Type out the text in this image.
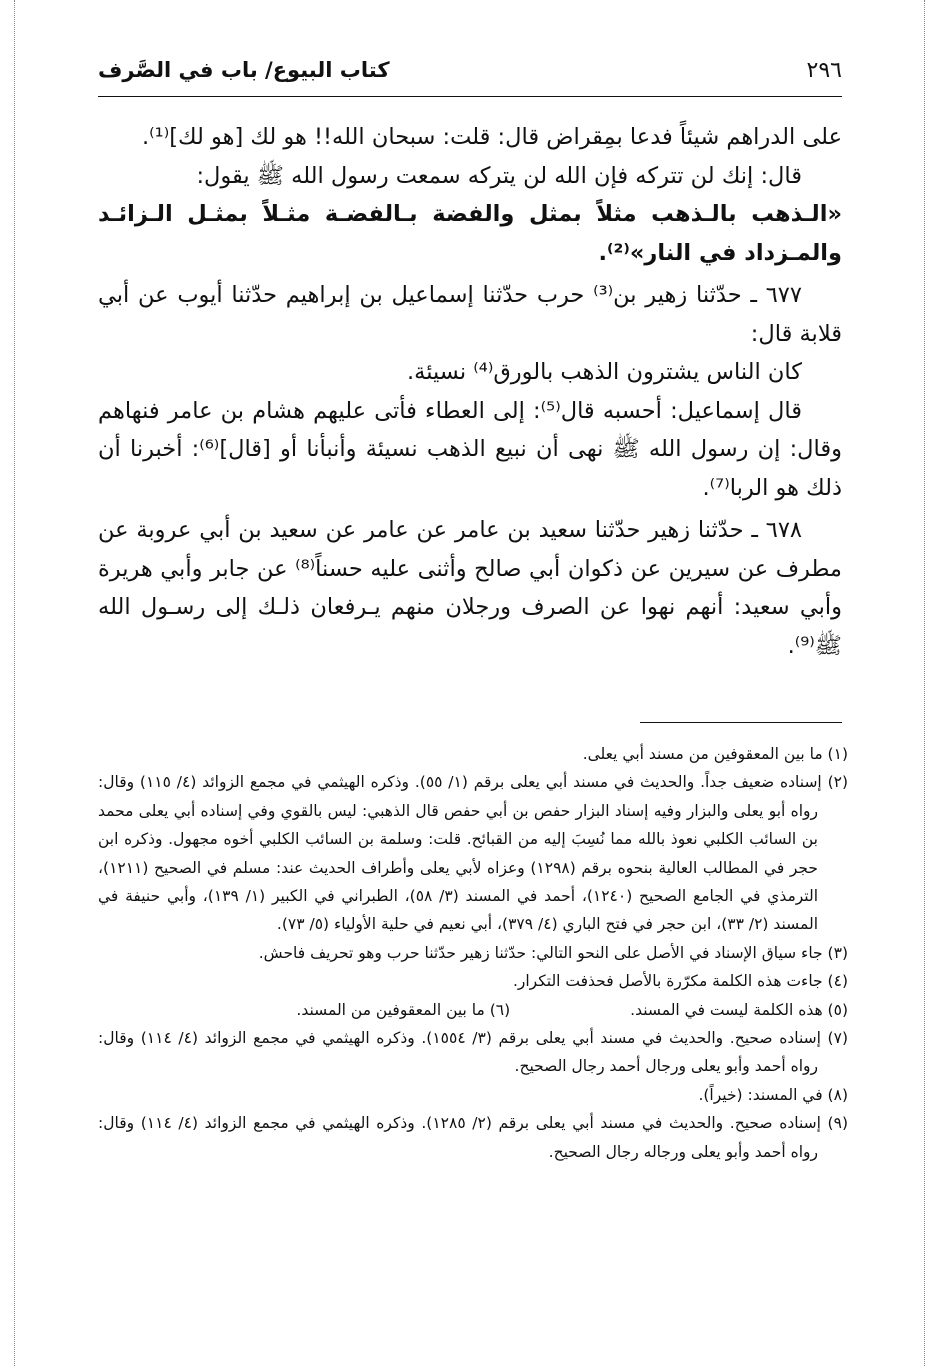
٢٩٦
كتاب البيوع/ باب في الصَّرف

على الدراهم شيئاً فدعا بمِقراض قال: قلت: سبحان الله!! هو لك [هو لك]⁽¹⁾.

قال: إنك لن تتركه فإن الله لن يتركه سمعت رسول الله ﷺ يقول:

«الـذهب بالـذهب مثلاً بمثل والفضة بـالفضـة مثـلاً بمثـل الـزائـد والمـزداد في النار»⁽²⁾.

٦٧٧ ـ حدّثنا زهير بن⁽³⁾ حرب حدّثنا إسماعيل بن إبراهيم حدّثنا أيوب عن أبي قلابة قال:

كان الناس يشترون الذهب بالورق⁽⁴⁾ نسيئة.

قال إسماعيل: أحسبه قال⁽⁵⁾: إلى العطاء فأتى عليهم هشام بن عامر فنهاهم وقال: إن رسول الله ﷺ نهى أن نبيع الذهب نسيئة وأنبأنا أو [قال]⁽⁶⁾: أخبرنا أن ذلك هو الربا⁽⁷⁾.

٦٧٨ ـ حدّثنا زهير حدّثنا سعيد بن عامر عن عامر عن سعيد بن أبي عروبة عن مطرف عن سيرين عن ذكوان أبي صالح وأثنى عليه حسناً⁽⁸⁾ عن جابر وأبي هريرة وأبي سعيد: أنهم نهوا عن الصرف ورجلان منهم يـرفعان ذلـك إلى رسـول الله ﷺ⁽⁹⁾.

(١) ما بين المعقوفين من مسند أبي يعلى.

(٢) إسناده ضعيف جداً. والحديث في مسند أبي يعلى برقم (١/ ٥٥). وذكره الهيثمي في مجمع الزوائد (٤/ ١١٥) وقال: رواه أبو يعلى والبزار وفيه إسناد البزار حفص بن أبي حفص قال الذهبي: ليس بالقوي وفي إسناده أبي يعلى محمد بن السائب الكلبي نعوذ بالله مما نُسِبَ إليه من القبائح. قلت: وسلمة بن السائب الكلبي أخوه مجهول. وذكره ابن حجر في المطالب العالية بنحوه برقم (١٢٩٨) وعزاه لأبي يعلى وأطراف الحديث عند: مسلم في الصحيح (١٢١١)، الترمذي في الجامع الصحيح (١٢٤٠)، أحمد في المسند (٣/ ٥٨)، الطبراني في الكبير (١/ ١٣٩)، وأبي حنيفة في المسند (٢/ ٣٣)، ابن حجر في فتح الباري (٤/ ٣٧٩)، أبي نعيم في حلية الأولياء (٥/ ٧٣).

(٣) جاء سياق الإسناد في الأصل على النحو التالي: حدّثنا زهير حدّثنا حرب وهو تحريف فاحش.

(٤) جاءت هذه الكلمة مكرّرة بالأصل فحذفت التكرار.

(٥) هذه الكلمة ليست في المسند.

(٦) ما بين المعقوفين من المسند.

(٧) إسناده صحيح. والحديث في مسند أبي يعلى برقم (٣/ ١٥٥٤). وذكره الهيثمي في مجمع الزوائد (٤/ ١١٤) وقال: رواه أحمد وأبو يعلى ورجال أحمد رجال الصحيح.

(٨) في المسند: (خيراً).

(٩) إسناده صحيح. والحديث في مسند أبي يعلى برقم (٢/ ١٢٨٥). وذكره الهيثمي في مجمع الزوائد (٤/ ١١٤) وقال: رواه أحمد وأبو يعلى ورجاله رجال الصحيح.
